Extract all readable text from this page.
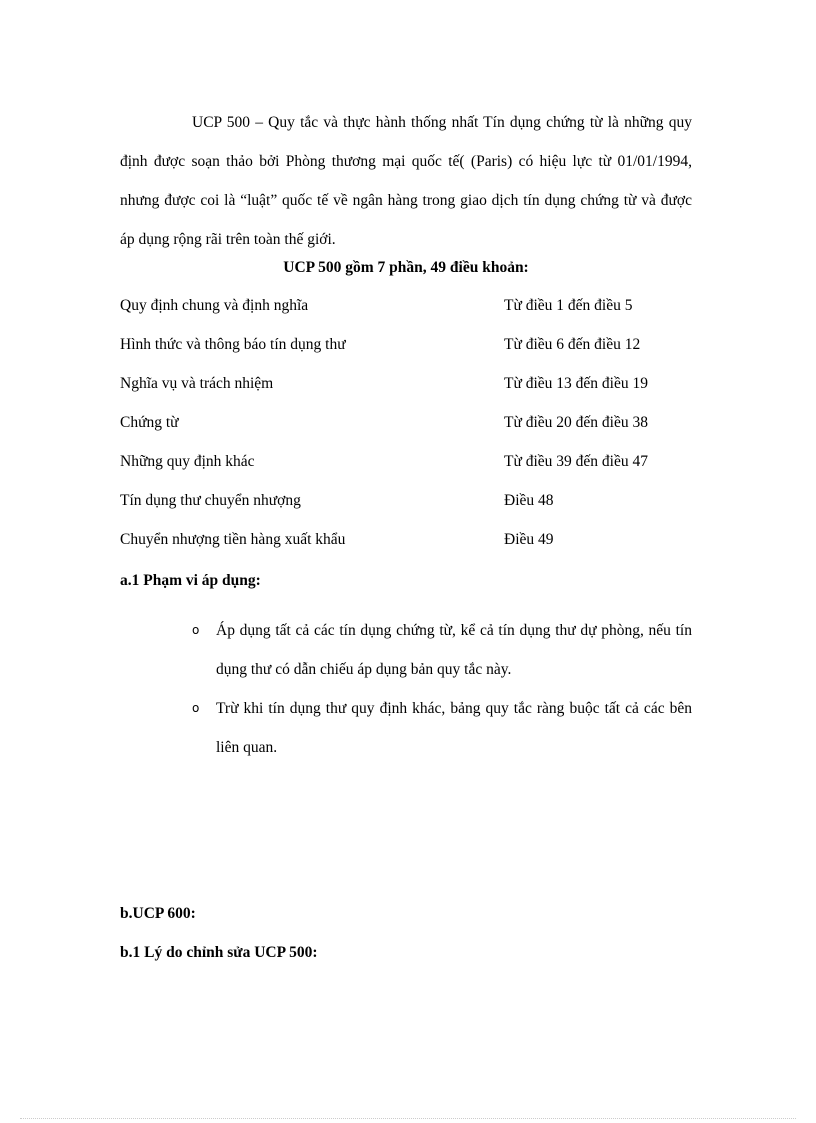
UCP 500 – Quy tắc và thực hành thống nhất Tín dụng chứng từ là những quy định được soạn thảo bởi Phòng thương mại quốc tế( (Paris) có hiệu lực từ 01/01/1994, nhưng được coi là “luật” quốc tế về ngân hàng trong giao dịch tín dụng chứng từ và được áp dụng rộng rãi trên toàn thế giới.

UCP 500 gồm 7 phần, 49 điều khoản:

Quy định chung và định nghĩa	Từ điều 1 đến điều 5
Hình thức và thông báo tín dụng thư	Từ điều 6 đến điều 12
Nghĩa vụ và trách nhiệm	Từ điều 13 đến điều 19
Chứng từ	Từ điều 20 đến điều 38
Những quy định khác	Từ điều 39 đến điều 47
Tín dụng thư chuyển nhượng	Điều 48
Chuyển nhượng tiền hàng xuất khẩu	Điều 49

a.1 Phạm vi áp dụng:

o Áp dụng tất cả các tín dụng chứng từ, kể cả tín dụng thư dự phòng, nếu tín dụng thư có dẫn chiếu áp dụng bản quy tắc này.
o Trừ khi tín dụng thư quy định khác, bảng quy tắc ràng buộc tất cả các bên liên quan.

b.UCP 600:

b.1 Lý do chỉnh sửa UCP 500:
